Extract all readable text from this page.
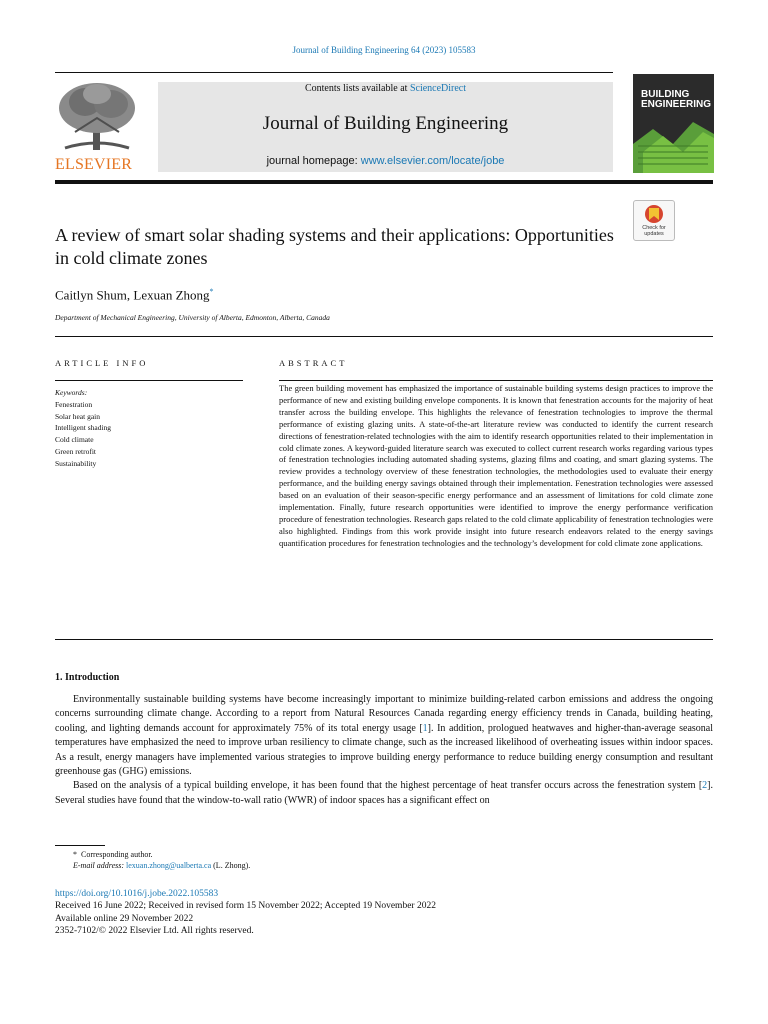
Journal of Building Engineering 64 (2023) 105583
ELSEVIER
Contents lists available at ScienceDirect
Journal of Building Engineering
journal homepage: www.elsevier.com/locate/jobe
BUILDING
ENGINEERING
Check for updates
A review of smart solar shading systems and their applications: Opportunities in cold climate zones
Caitlyn Shum, Lexuan Zhong*
Department of Mechanical Engineering, University of Alberta, Edmonton, Alberta, Canada
ARTICLE INFO
Keywords:
Fenestration
Solar heat gain
Intelligent shading
Cold climate
Green retrofit
Sustainability
ABSTRACT
The green building movement has emphasized the importance of sustainable building systems design practices to improve the performance of new and existing building envelope components. It is known that fenestration accounts for the majority of heat transfer across the building envelope. This highlights the relevance of fenestration technologies to improve the thermal performance of existing glazing units. A state-of-the-art literature review was conducted to identify the current research directions of fenestration-related technologies with the aim to identify research opportunities related to their implementation in cold climate zones. A keyword-guided literature search was executed to collect current research works regarding various types of fenestration technologies including automated shading systems, glazing films and coating, and smart glazing systems. The review provides a technology overview of these fenestration technologies, the methodologies used to evaluate their energy performance, and the building energy savings obtained through their implementation. Fenestration technologies were assessed based on an evaluation of their season-specific energy performance and an assessment of limitations for cold climate zone implementation. Finally, future research opportunities were identified to improve the energy performance verification procedure of fenestration technologies. Research gaps related to the cold climate applicability of fenestration technologies were also highlighted. Findings from this work provide insight into future research endeavors related to the energy savings quantification procedures for fenestration technologies and the technology’s development for cold climate zone applications.
1. Introduction

Environmentally sustainable building systems have become increasingly important to minimize building-related carbon emissions and address the ongoing concerns surrounding climate change. According to a report from Natural Resources Canada regarding energy efficiency trends in Canada, building heating, cooling, and lighting demands account for approximately 75% of its total energy usage [1]. In addition, prologued heatwaves and higher-than-average seasonal temperatures have emphasized the need to improve urban resiliency to climate change, such as the increased likelihood of overheating issues within indoor spaces. As a result, energy managers have implemented various strategies to improve building energy performance to reduce building energy consumption and resultant greenhouse gas (GHG) emissions.

Based on the analysis of a typical building envelope, it has been found that the highest percentage of heat transfer occurs across the fenestration system [2]. Several studies have found that the window-to-wall ratio (WWR) of indoor spaces has a significant effect on

* Corresponding author.
E-mail address: lexuan.zhong@ualberta.ca (L. Zhong).
https://doi.org/10.1016/j.jobe.2022.105583
Received 16 June 2022; Received in revised form 15 November 2022; Accepted 19 November 2022
Available online 29 November 2022
2352-7102/© 2022 Elsevier Ltd. All rights reserved.
